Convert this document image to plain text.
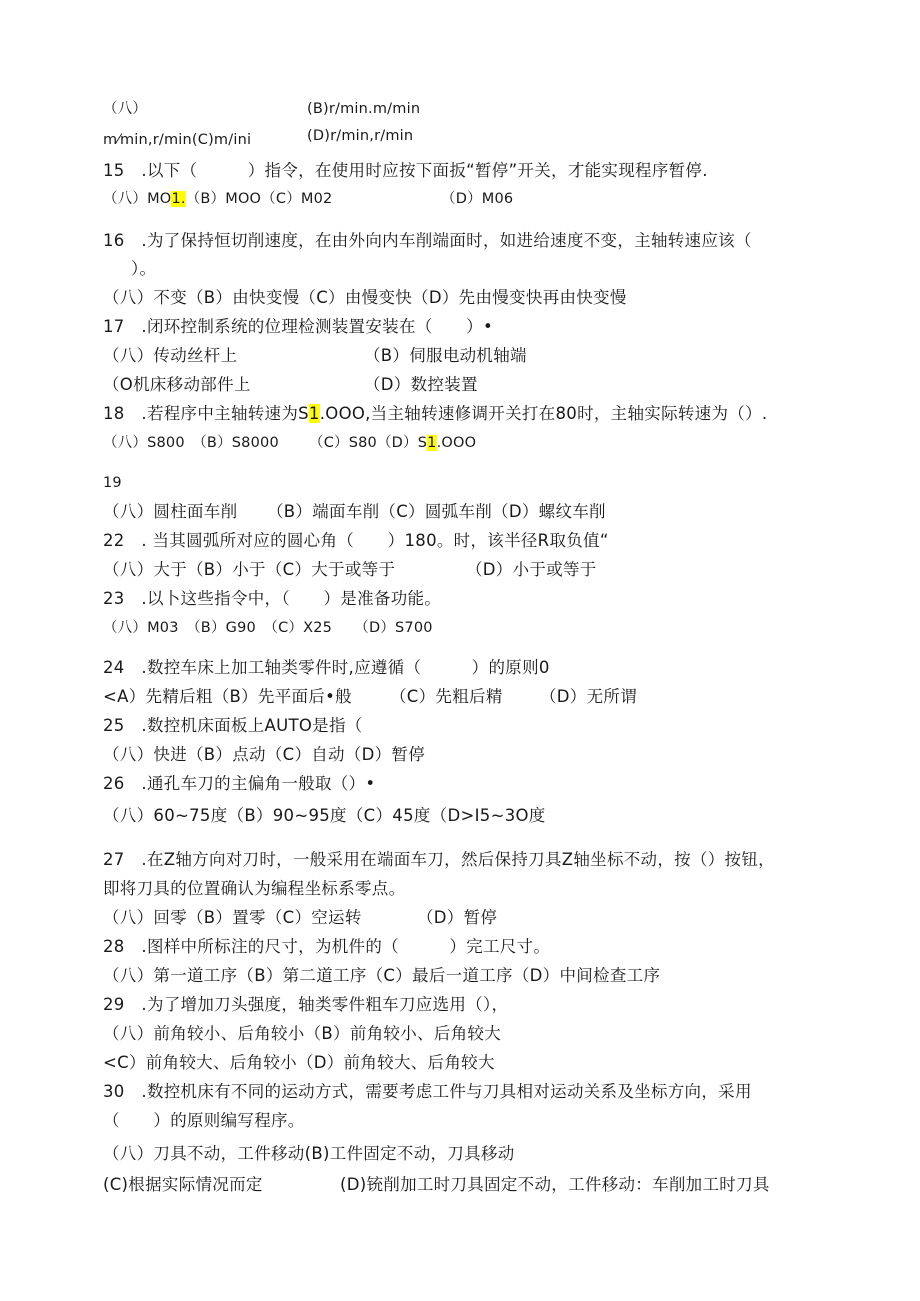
（八）	(B)r/min.m/min
m⁄min,r/min(C)m/ini	(D)r/min,r/min
15　.以下（　　　）指令，在使用时应按下面扳“暂停”开关，才能实现程序暂停.
（八）MO1.（B）MOO（C）M02	（D）M06
16　.为了保持恒切削速度，在由外向内车削端面时，如进给速度不变，主轴转速应该（
）。
（八）不变（B）由快变慢（C）由慢变快（D）先由慢变快再由快变慢
17　.闭环控制系统的位理检测装置安装在（　　）•
（八）传动丝杆上	（B）伺服电动机轴端
（O机床移动部件上	（D）数控装置
18　.若程序中主轴转速为S1.OOO,当主轴转速修调开关打在80时，主轴实际转速为（）.
（八）S800　（B）S8000 （C）S80（D）S1.OOO
19
（八）圆柱面车削 （B）端面车削（C）圆弧车削（D）螺纹车削
22　. 当其圆弧所对应的圆心角（　　）180。时，该半径R取负值“
（八）大于（B）小于（C）大于或等于	（D）小于或等于
23　.以卜这些指令中，（　　）是准备功能。
（八）M03　（B）G90　（C）X25　　（D）S700
24　.数控车床上加工轴类零件时,应遵循（　　　）的原则0
<A）先精后粗（B）先平面后•般 （C）先粗后精 （D）无所谓
25　.数控机床面板上AUTO是指（
（八）快进（B）点动（C）自动（D）暂停
26　.通孔车刀的主偏角一般取（）•
（八）60~75度（B）90~95度（C）45度（D>I5~3O度
27　.在Z轴方向对刀时，一般采用在端面车刀，然后保持刀具Z轴坐标不动，按（）按钮，
即将刀具的位置确认为编程坐标系零点。
（八）回零（B）置零（C）空运转	（D）暂停
28　.图样中所标注的尺寸，为机件的（　　　）完工尺寸。
（八）第一道工序（B）第二道工序（C）最后一道工序（D）中间检查工序
29　.为了增加刀头强度，轴类零件粗车刀应选用（），
（八）前角较小、后角较小（B）前角较小、后角较大
<C）前角较大、后角较小（D）前角较大、后角较大
30　.数控机床有不同的运动方式，需要考虑工件与刀具相对运动关系及坐标方向，采用
（　　）的原则编写程序。
（八）刀具不动，工件移动(B)工件固定不动，刀具移动
(C)根据实际情况而定	(D)铳削加工时刀具固定不动，工件移动：车削加工时刀具
